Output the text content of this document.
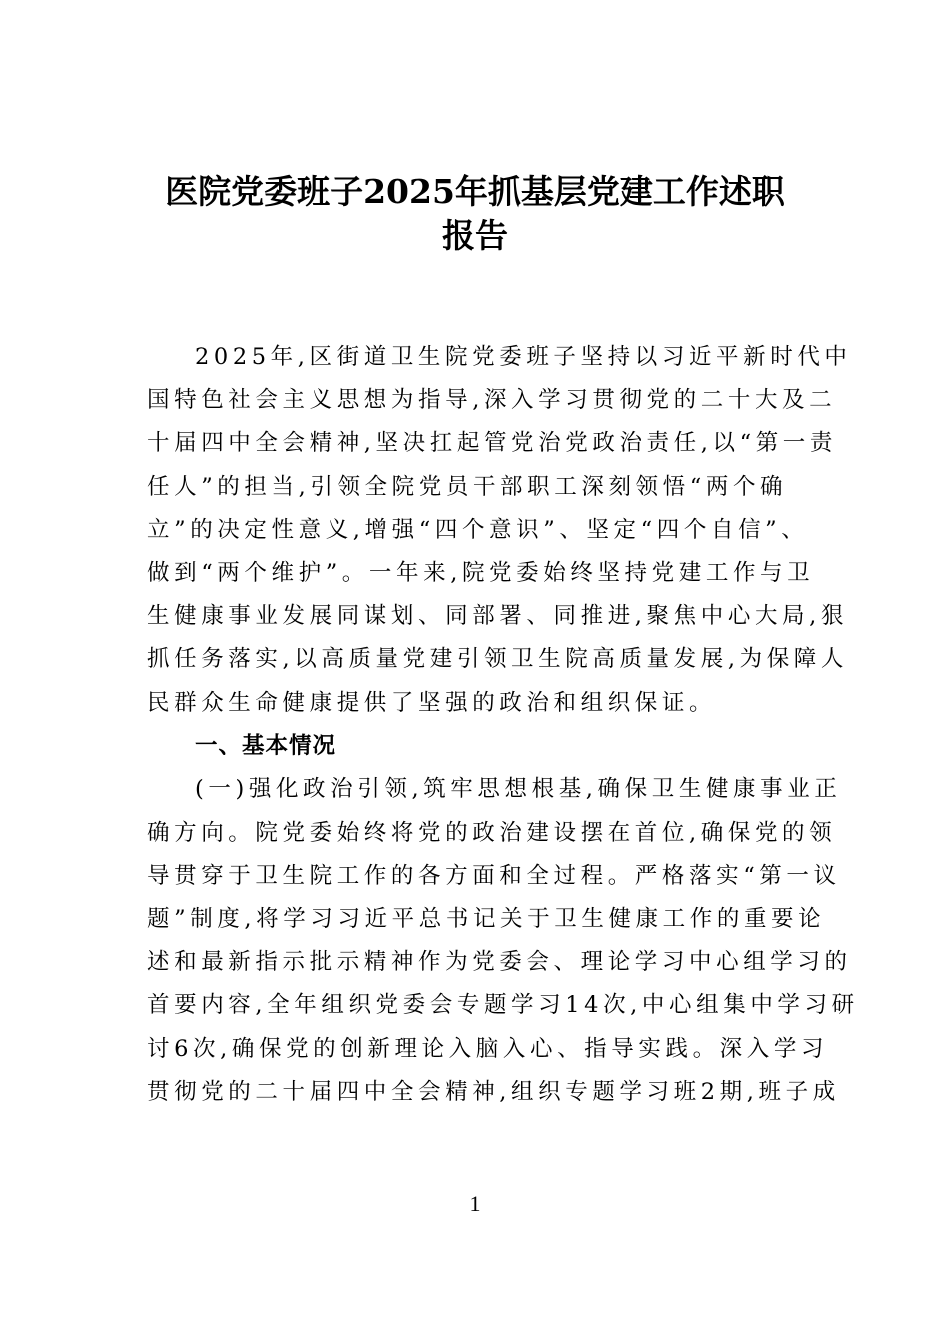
医院党委班子2025年抓基层党建工作述职
报告
2025年,区街道卫生院党委班子坚持以习近平新时代中
国特色社会主义思想为指导,深入学习贯彻党的二十大及二
十届四中全会精神,坚决扛起管党治党政治责任,以“第一责
任人”的担当,引领全院党员干部职工深刻领悟“两个确
立”的决定性意义,增强“四个意识”、坚定“四个自信”、
做到“两个维护”。一年来,院党委始终坚持党建工作与卫
生健康事业发展同谋划、同部署、同推进,聚焦中心大局,狠
抓任务落实,以高质量党建引领卫生院高质量发展,为保障人
民群众生命健康提供了坚强的政治和组织保证。
一、基本情况
(一)强化政治引领,筑牢思想根基,确保卫生健康事业正
确方向。院党委始终将党的政治建设摆在首位,确保党的领
导贯穿于卫生院工作的各方面和全过程。严格落实“第一议
题”制度,将学习习近平总书记关于卫生健康工作的重要论
述和最新指示批示精神作为党委会、理论学习中心组学习的
首要内容,全年组织党委会专题学习14次,中心组集中学习研
讨6次,确保党的创新理论入脑入心、指导实践。深入学习
贯彻党的二十届四中全会精神,组织专题学习班2期,班子成
1
